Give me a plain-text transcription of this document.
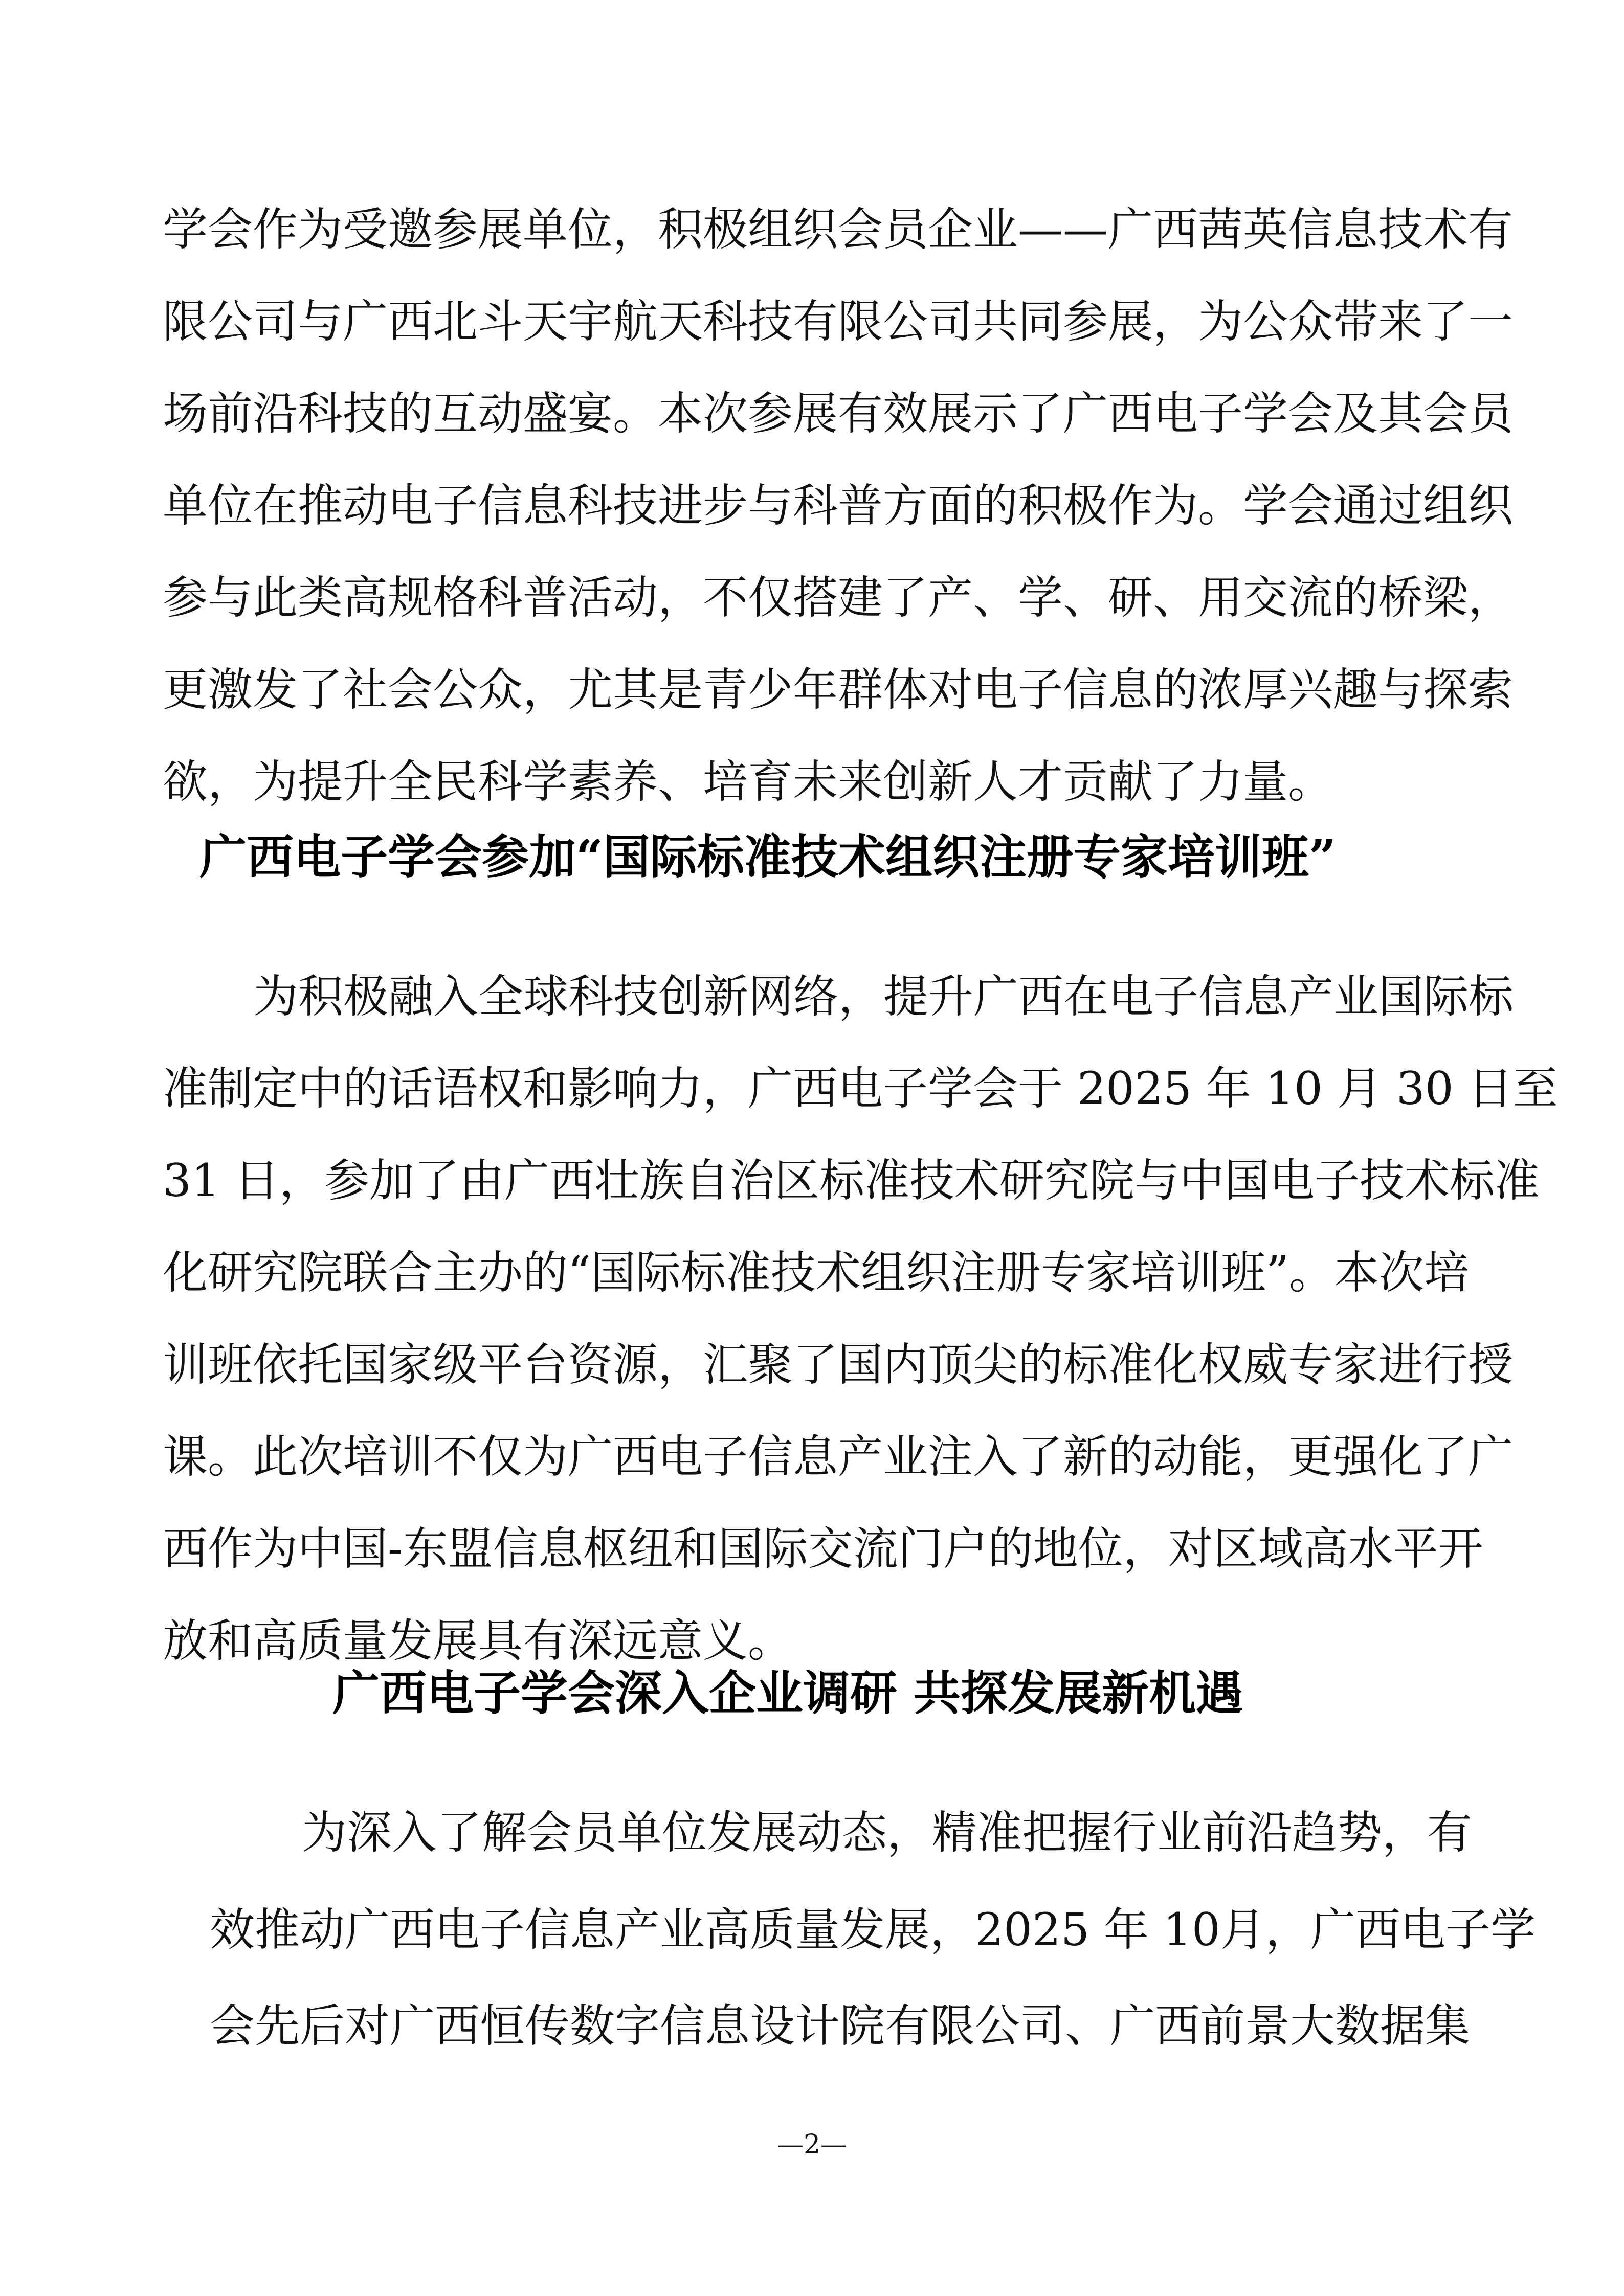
学会作为受邀参展单位，积极组织会员企业——广西茜英信息技术有
限公司与广西北斗天宇航天科技有限公司共同参展，为公众带来了一
场前沿科技的互动盛宴。本次参展有效展示了广西电子学会及其会员
单位在推动电子信息科技进步与科普方面的积极作为。学会通过组织
参与此类高规格科普活动，不仅搭建了产、学、研、用交流的桥梁，
更激发了社会公众，尤其是青少年群体对电子信息的浓厚兴趣与探索
欲，为提升全民科学素养、培育未来创新人才贡献了力量。
广西电子学会参加“国际标准技术组织注册专家培训班”
为积极融入全球科技创新网络，提升广西在电子信息产业国际标
准制定中的话语权和影响力，广西电子学会于 2025 年 10 月 30 日至
31 日，参加了由广西壮族自治区标准技术研究院与中国电子技术标准
化研究院联合主办的“国际标准技术组织注册专家培训班”。本次培
训班依托国家级平台资源，汇聚了国内顶尖的标准化权威专家进行授
课。此次培训不仅为广西电子信息产业注入了新的动能，更强化了广
西作为中国-东盟信息枢纽和国际交流门户的地位，对区域高水平开
放和高质量发展具有深远意义。
广西电子学会深入企业调研 共探发展新机遇
为深入了解会员单位发展动态，精准把握行业前沿趋势，有
效推动广西电子信息产业高质量发展，2025 年 10月，广西电子学
会先后对广西恒传数字信息设计院有限公司、广西前景大数据集
—2—
